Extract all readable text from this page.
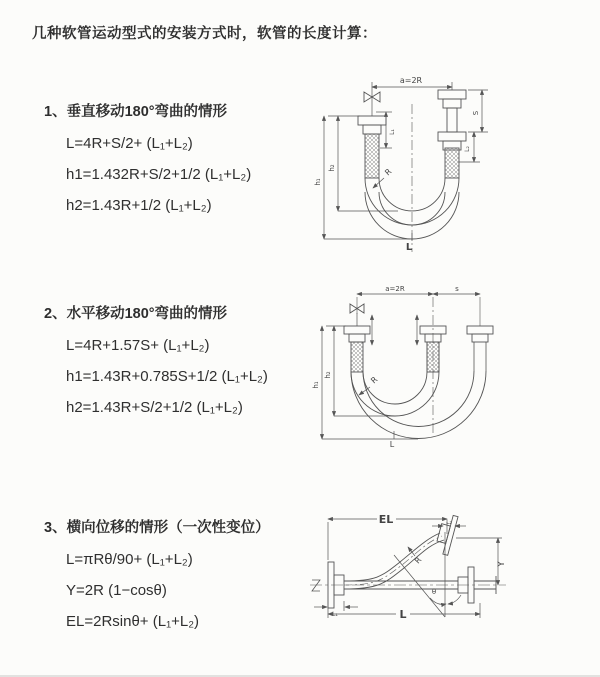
几种软管运动型式的安装方式时，软管的长度计算：
1、垂直移动180°弯曲的情形
L=4R+S/2+ (L₁+L₂)
h1=1.432R+S/2+1/2 (L₁+L₂)
h2=1.43R+1/2 (L₁+L₂)
2、水平移动180°弯曲的情形
L=4R+1.57S+ (L₁+L₂)
h1=1.43R+0.785S+1/2 (L₁+L₂)
h2=1.43R+S/2+1/2 (L₁+L₂)
3、横向位移的情形（一次性变位）
L=πRθ/90+ (L₁+L₂)
Y=2R (1−cosθ)
EL=2Rsinθ+ (L₁+L₂)
a=2R
h₁
h₂
L₁
S
L₂
R
L
a=2R	s
h₁
h₂	R
L
EL	L₂
Y
θ
R
L₁	L
